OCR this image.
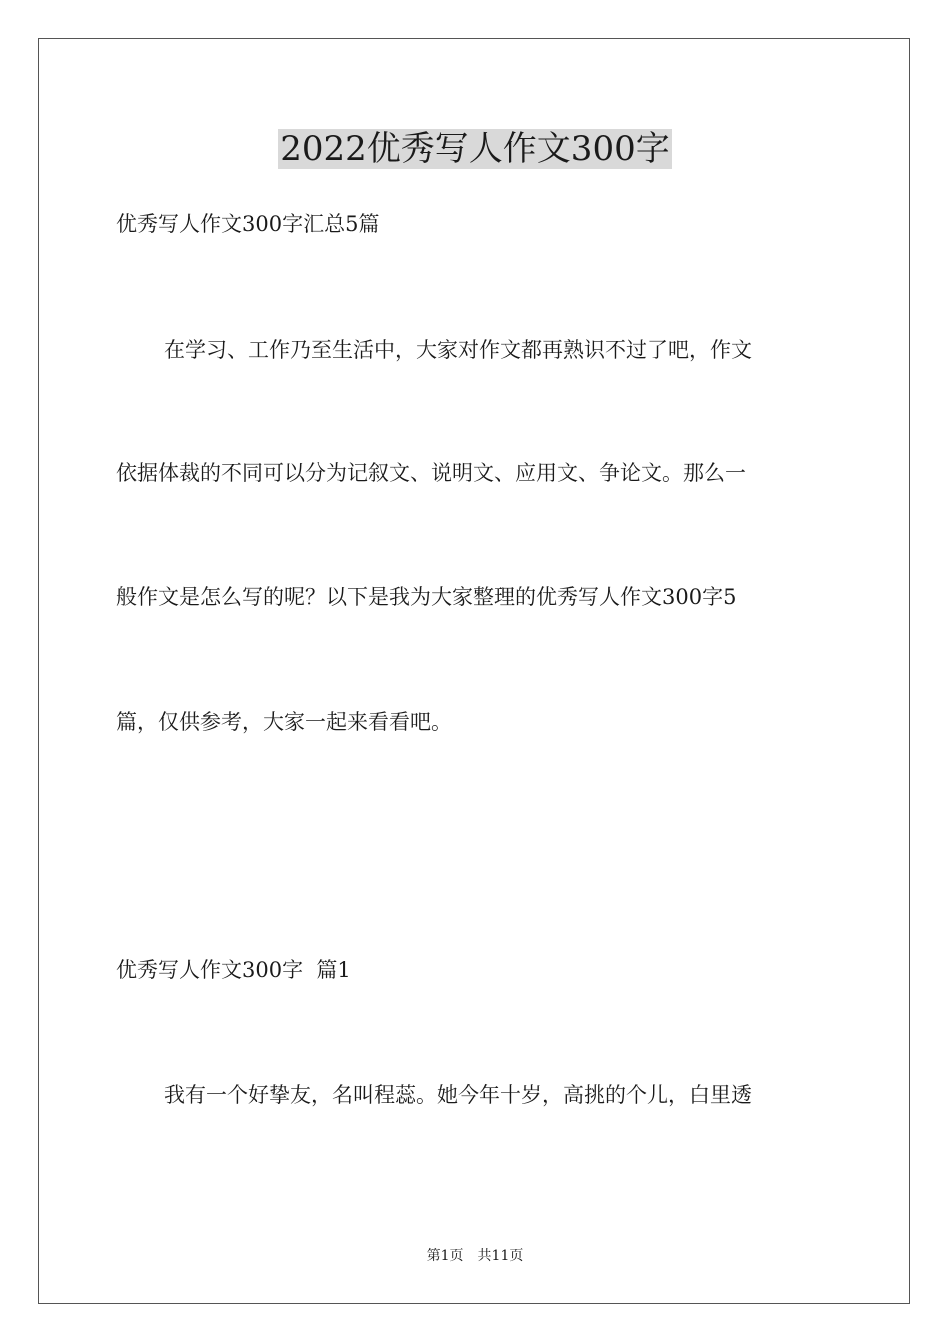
2022优秀写人作文300字

优秀写人作文300字汇总5篇

在学习、工作乃至生活中，大家对作文都再熟识不过了吧，作文

依据体裁的不同可以分为记叙文、说明文、应用文、争论文。那么一

般作文是怎么写的呢？以下是我为大家整理的优秀写人作文300字5

篇，仅供参考，大家一起来看看吧。

优秀写人作文300字  篇1

我有一个好挚友，名叫程蕊。她今年十岁，高挑的个儿，白里透

第1页 共11页
